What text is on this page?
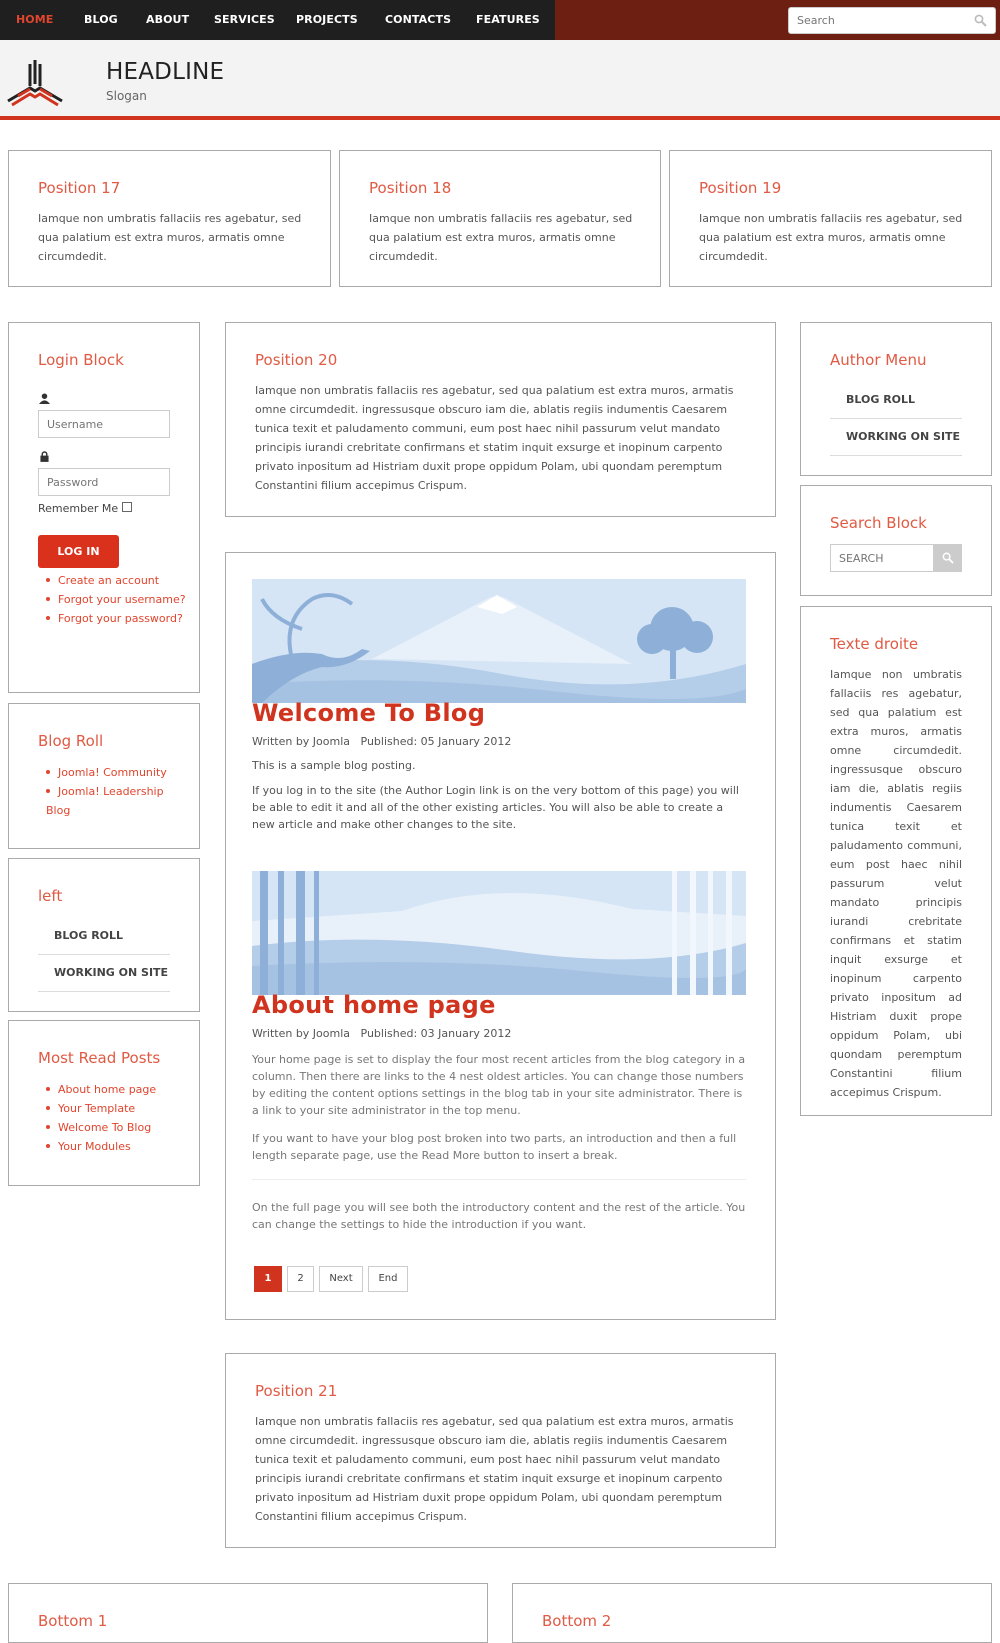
HOME	BLOG	ABOUT	SERVICES	PROJECTS	CONTACTS	FEATURES
Search
HEADLINE
Slogan
Position 17
Iamque non umbratis fallaciis res agebatur, sed qua palatium est extra muros, armatis omne circumdedit.
Position 18
Iamque non umbratis fallaciis res agebatur, sed qua palatium est extra muros, armatis omne circumdedit.
Position 19
Iamque non umbratis fallaciis res agebatur, sed qua palatium est extra muros, armatis omne circumdedit.
Login Block
Username
Remember Me
LOG IN
Create an account
Forgot your username?
Forgot your password?
Blog Roll
Joomla! Community
Joomla! Leadership Blog
left
BLOG ROLL
WORKING ON SITE
Most Read Posts
About home page
Your Template
Welcome To Blog
Your Modules
Position 20
Iamque non umbratis fallaciis res agebatur, sed qua palatium est extra muros, armatis omne circumdedit. ingressusque obscuro iam die, ablatis regiis indumentis Caesarem tunica texit et paludamento communi, eum post haec nihil passurum velut mandato principis iurandi crebritate confirmans et statim inquit exsurge et inopinum carpento privato inpositum ad Histriam duxit prope oppidum Polam, ubi quondam peremptum Constantini filium accepimus Crispum.
Welcome To Blog
Written by Joomla   Published: 05 January 2012
This is a sample blog posting.
If you log in to the site (the Author Login link is on the very bottom of this page) you will be able to edit it and all of the other existing articles. You will also be able to create a new article and make other changes to the site.
About home page
Written by Joomla   Published: 03 January 2012
Your home page is set to display the four most recent articles from the blog category in a column. Then there are links to the 4 nest oldest articles. You can change those numbers by editing the content options settings in the blog tab in your site administrator. There is a link to your site administrator in the top menu.
If you want to have your blog post broken into two parts, an introduction and then a full length separate page, use the Read More button to insert a break.
On the full page you will see both the introductory content and the rest of the article. You can change the settings to hide the introduction if you want.
1	2	Next	End
Position 21
Iamque non umbratis fallaciis res agebatur, sed qua palatium est extra muros, armatis omne circumdedit. ingressusque obscuro iam die, ablatis regiis indumentis Caesarem tunica texit et paludamento communi, eum post haec nihil passurum velut mandato principis iurandi crebritate confirmans et statim inquit exsurge et inopinum carpento privato inpositum ad Histriam duxit prope oppidum Polam, ubi quondam peremptum Constantini filium accepimus Crispum.
Author Menu
BLOG ROLL
WORKING ON SITE
Search Block
SEARCH
Texte droite
Iamque non umbratis fallaciis res agebatur, sed qua palatium est extra muros, armatis omne circumdedit. ingressusque obscuro iam die, ablatis regiis indumentis Caesarem tunica texit et paludamento communi, eum post haec nihil passurum velut mandato principis iurandi crebritate confirmans et statim inquit exsurge et inopinum carpento privato inpositum ad Histriam duxit prope oppidum Polam, ubi quondam peremptum Constantini filium accepimus Crispum.
Bottom 1	Bottom 2
